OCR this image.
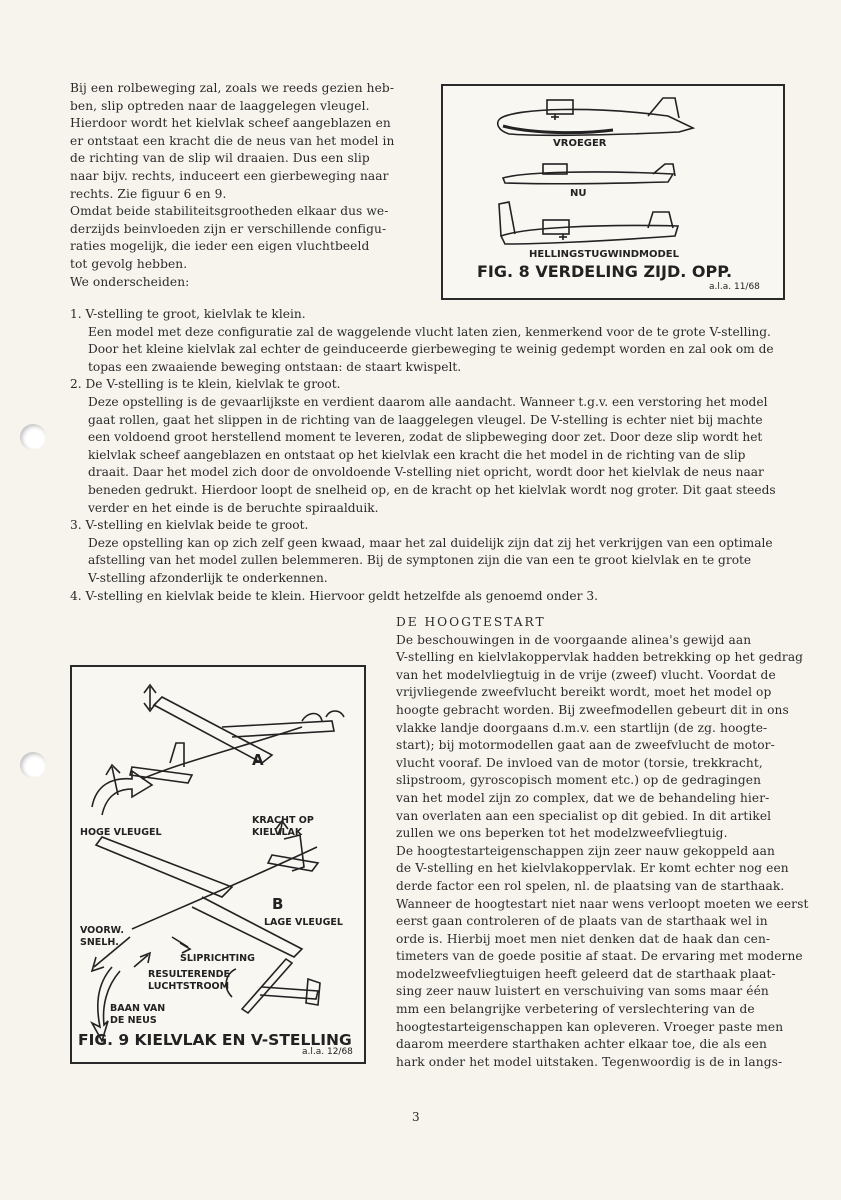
Bij een rolbeweging zal, zoals we reeds gezien heb-

ben, slip optreden naar de laaggelegen vleugel.

Hierdoor wordt het kielvlak scheef aangeblazen en

er ontstaat een kracht die de neus van het model in

de richting van de slip wil draaien. Dus een slip

naar bijv. rechts, induceert een gierbeweging naar

rechts. Zie figuur 6 en 9.

Omdat beide stabiliteitsgrootheden elkaar dus we-

derzijds beinvloeden zijn er verschillende configu-

raties mogelijk, die ieder een eigen vluchtbeeld

tot gevolg hebben.

We onderscheiden:

VROEGER
NU
HELLINGSTUGWINDMODEL
FIG. 8 VERDELING ZIJD. OPP.
a.l.a. 11/68

1. V-stelling te groot, kielvlak te klein.

Een model met deze configuratie zal de waggelende vlucht laten zien, kenmerkend voor de te grote V-stelling.

Door het kleine kielvlak zal echter de geinduceerde gierbeweging te weinig gedempt worden en zal ook om de

topas een zwaaiende beweging ontstaan: de staart kwispelt.

2. De V-stelling is te klein, kielvlak te groot.

Deze opstelling is de gevaarlijkste en verdient daarom alle aandacht. Wanneer t.g.v. een verstoring het model

gaat rollen, gaat het slippen in de richting van de laaggelegen vleugel. De V-stelling is echter niet bij machte

een voldoend groot herstellend moment te leveren, zodat de slipbeweging door zet. Door deze slip wordt het

kielvlak scheef aangeblazen en ontstaat op het kielvlak een kracht die het model in de richting van de slip

draait. Daar het model zich door de onvoldoende V-stelling niet opricht, wordt door het kielvlak de neus naar

beneden gedrukt. Hierdoor loopt de snelheid op, en de kracht op het kielvlak wordt nog groter. Dit gaat steeds

verder en het einde is de beruchte spiraalduik.

3. V-stelling en kielvlak beide te groot.

Deze opstelling kan op zich zelf geen kwaad, maar het zal duidelijk zijn dat zij het verkrijgen van een optimale

afstelling van het model zullen belemmeren. Bij de symptonen zijn die van een te groot kielvlak en te grote

V-stelling afzonderlijk te onderkennen.

4. V-stelling en kielvlak beide te klein. Hiervoor geldt hetzelfde als genoemd onder 3.

A
B
HOGE VLEUGEL
KRACHT OP
KIELVLAK
LAGE VLEUGEL
VOORW.
SNELH.
SLIPRICHTING
RESULTERENDE
LUCHTSTROOM
BAAN VAN
DE NEUS
FIG. 9 KIELVLAK EN V-STELLING
a.l.a. 12/68

DE HOOGTESTART

De beschouwingen in de voorgaande alinea's gewijd aan

V-stelling en kielvlakoppervlak hadden betrekking op het gedrag

van het modelvliegtuig in de vrije (zweef) vlucht. Voordat de

vrijvliegende zweefvlucht bereikt wordt, moet het model op

hoogte gebracht worden. Bij zweefmodellen gebeurt dit in ons

vlakke landje doorgaans d.m.v. een startlijn (de zg. hoogte-

start); bij motormodellen gaat aan de zweefvlucht de motor-

vlucht vooraf. De invloed van de motor (torsie, trekkracht,

slipstroom, gyroscopisch moment etc.) op de gedragingen

van het model zijn zo complex, dat we de behandeling hier-

van overlaten aan een specialist op dit gebied. In dit artikel

zullen we ons beperken tot het modelzweefvliegtuig.

De hoogtestarteigenschappen zijn zeer nauw gekoppeld aan

de V-stelling en het kielvlakoppervlak. Er komt echter nog een

derde factor een rol spelen, nl. de plaatsing van de starthaak.

Wanneer de hoogtestart niet naar wens verloopt moeten we eerst

eerst gaan controleren of de plaats van de starthaak wel in

orde is. Hierbij moet men niet denken dat de haak dan cen-

timeters van de goede positie af staat. De ervaring met moderne

modelzweefvliegtuigen heeft geleerd dat de starthaak plaat-

sing zeer nauw luistert en verschuiving van soms maar één

mm een belangrijke verbetering of verslechtering van de

hoogtestarteigenschappen kan opleveren. Vroeger paste men

daarom meerdere starthaken achter elkaar toe, die als een

hark onder het model uitstaken. Tegenwoordig is de in langs-

3
